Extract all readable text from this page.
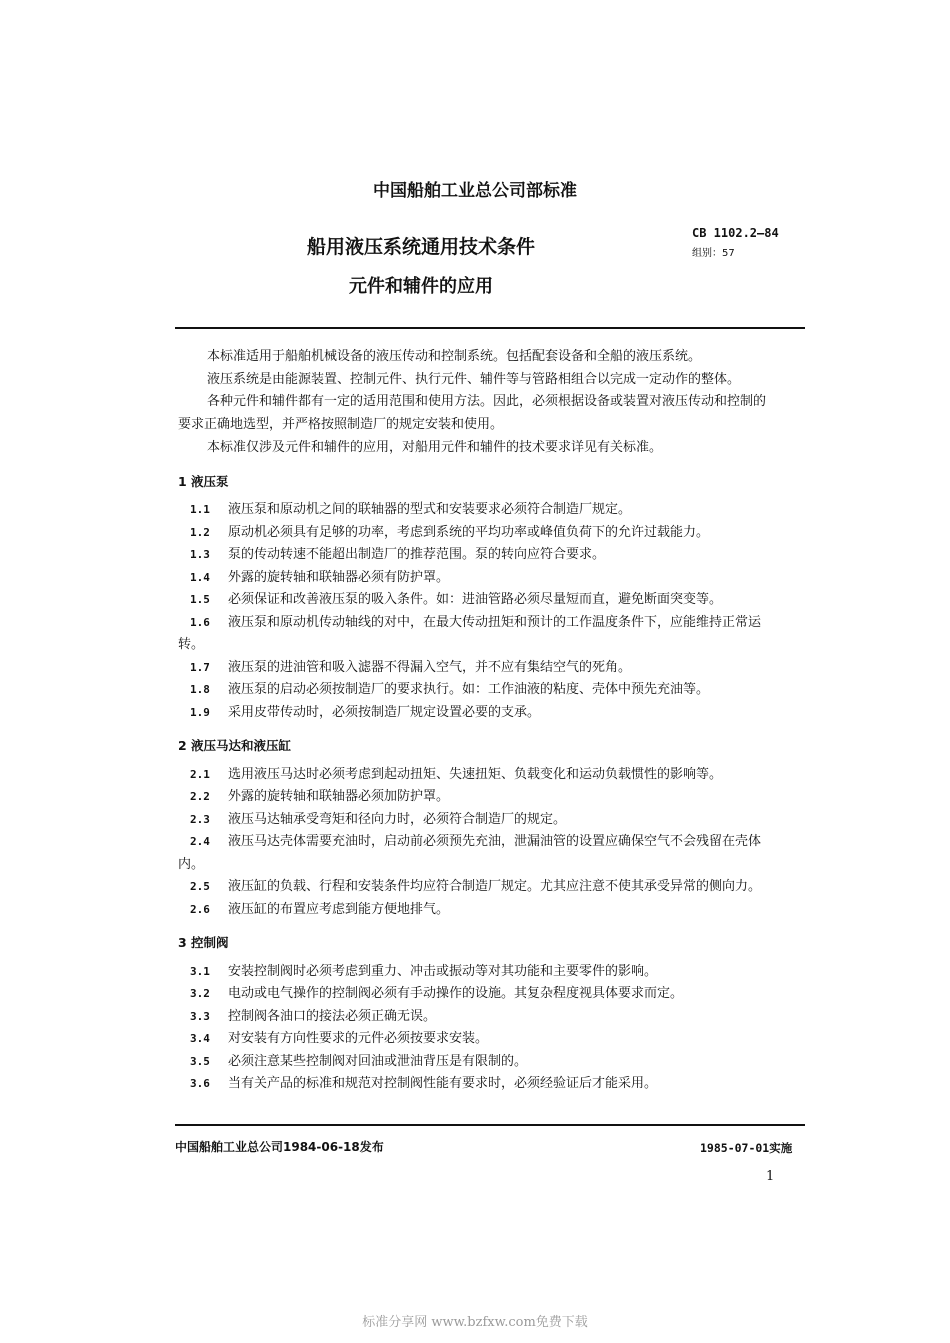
中国船舶工业总公司部标准
船用液压系统通用技术条件
元件和辅件的应用
CB 1102.2—84
组别：57
本标准适用于船舶机械设备的液压传动和控制系统。包括配套设备和全船的液压系统。
液压系统是由能源装置、控制元件、执行元件、辅件等与管路相组合以完成一定动作的整体。
各种元件和辅件都有一定的适用范围和使用方法。因此，必须根据设备或装置对液压传动和控制的
要求正确地选型，并严格按照制造厂的规定安装和使用。
本标准仅涉及元件和辅件的应用，对船用元件和辅件的技术要求详见有关标准。
1 液压泵
1.1 液压泵和原动机之间的联轴器的型式和安装要求必须符合制造厂规定。
1.2 原动机必须具有足够的功率，考虑到系统的平均功率或峰值负荷下的允许过载能力。
1.3 泵的传动转速不能超出制造厂的推荐范围。泵的转向应符合要求。
1.4 外露的旋转轴和联轴器必须有防护罩。
1.5 必须保证和改善液压泵的吸入条件。如：进油管路必须尽量短而直，避免断面突变等。
1.6 液压泵和原动机传动轴线的对中，在最大传动扭矩和预计的工作温度条件下，应能维持正常运
转。
1.7 液压泵的进油管和吸入滤器不得漏入空气，并不应有集结空气的死角。
1.8 液压泵的启动必须按制造厂的要求执行。如：工作油液的粘度、壳体中预先充油等。
1.9 采用皮带传动时，必须按制造厂规定设置必要的支承。
2 液压马达和液压缸
2.1 选用液压马达时必须考虑到起动扭矩、失速扭矩、负载变化和运动负载惯性的影响等。
2.2 外露的旋转轴和联轴器必须加防护罩。
2.3 液压马达轴承受弯矩和径向力时，必须符合制造厂的规定。
2.4 液压马达壳体需要充油时，启动前必须预先充油，泄漏油管的设置应确保空气不会残留在壳体
内。
2.5 液压缸的负载、行程和安装条件均应符合制造厂规定。尤其应注意不使其承受异常的侧向力。
2.6 液压缸的布置应考虑到能方便地排气。
3 控制阀
3.1 安装控制阀时必须考虑到重力、冲击或振动等对其功能和主要零件的影响。
3.2 电动或电气操作的控制阀必须有手动操作的设施。其复杂程度视具体要求而定。
3.3 控制阀各油口的接法必须正确无误。
3.4 对安装有方向性要求的元件必须按要求安装。
3.5 必须注意某些控制阀对回油或泄油背压是有限制的。
3.6 当有关产品的标准和规范对控制阀性能有要求时，必须经验证后才能采用。
中国船舶工业总公司1984-06-18发布	1985-07-01实施
1
标准分享网 www.bzfxw.com免费下载
